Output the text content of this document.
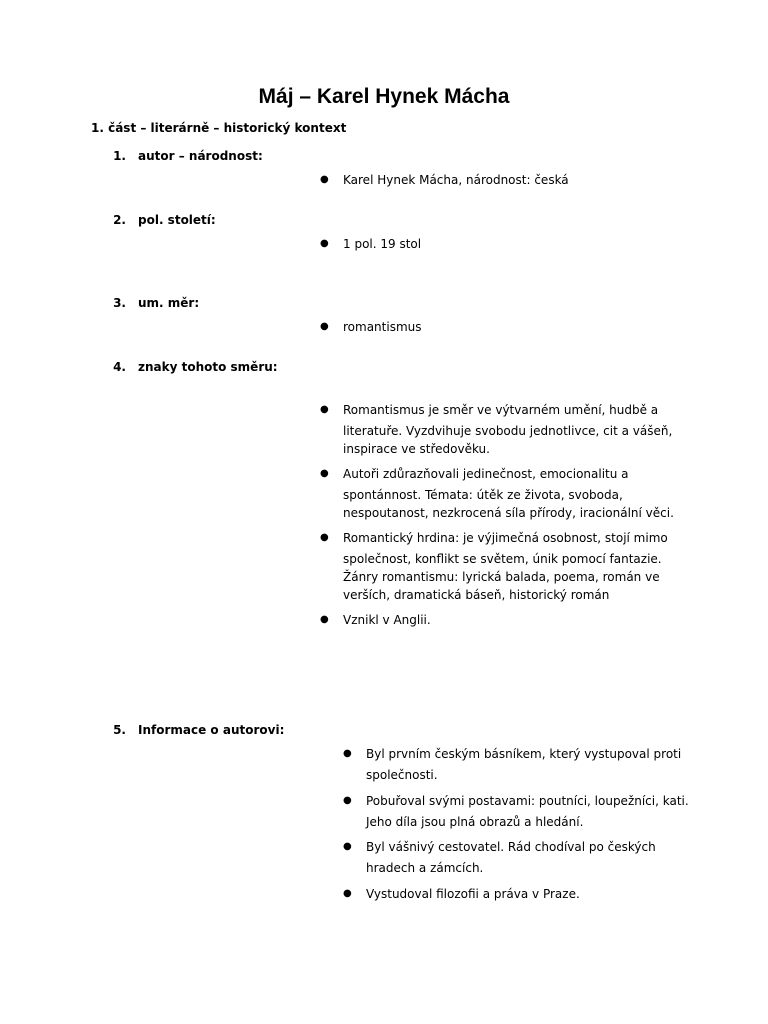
Máj – Karel Hynek Mácha
1. část – literárně – historický kontext
1. autor – národnost:
● Karel Hynek Mácha, národnost: česká
2. pol. století:
● 1 pol. 19 stol
3. um. měr:
● romantismus
4. znaky tohoto směru:
● Romantismus je směr ve výtvarném umění, hudbě a
literatuře. Vyzdvihuje svobodu jednotlivce, cit a vášeň,
inspirace ve středověku.
● Autoři zdůrazňovali jedinečnost, emocionalitu a
spontánnost. Témata: útěk ze života, svoboda,
nespoutanost, nezkrocená síla přírody, iracionální věci.
● Romantický hrdina: je výjimečná osobnost, stojí mimo
společnost, konflikt se světem, únik pomocí fantazie.
Žánry romantismu: lyrická balada, poema, román ve
verších, dramatická báseň, historický román
● Vznikl v Anglii.
5. Informace o autorovi:
● Byl prvním českým básníkem, který vystupoval proti
společnosti.
● Pobuřoval svými postavami: poutníci, loupežníci, kati.
Jeho díla jsou plná obrazů a hledání.
● Byl vášnivý cestovatel. Rád chodíval po českých
hradech a zámcích.
● Vystudoval filozofii a práva v Praze.
